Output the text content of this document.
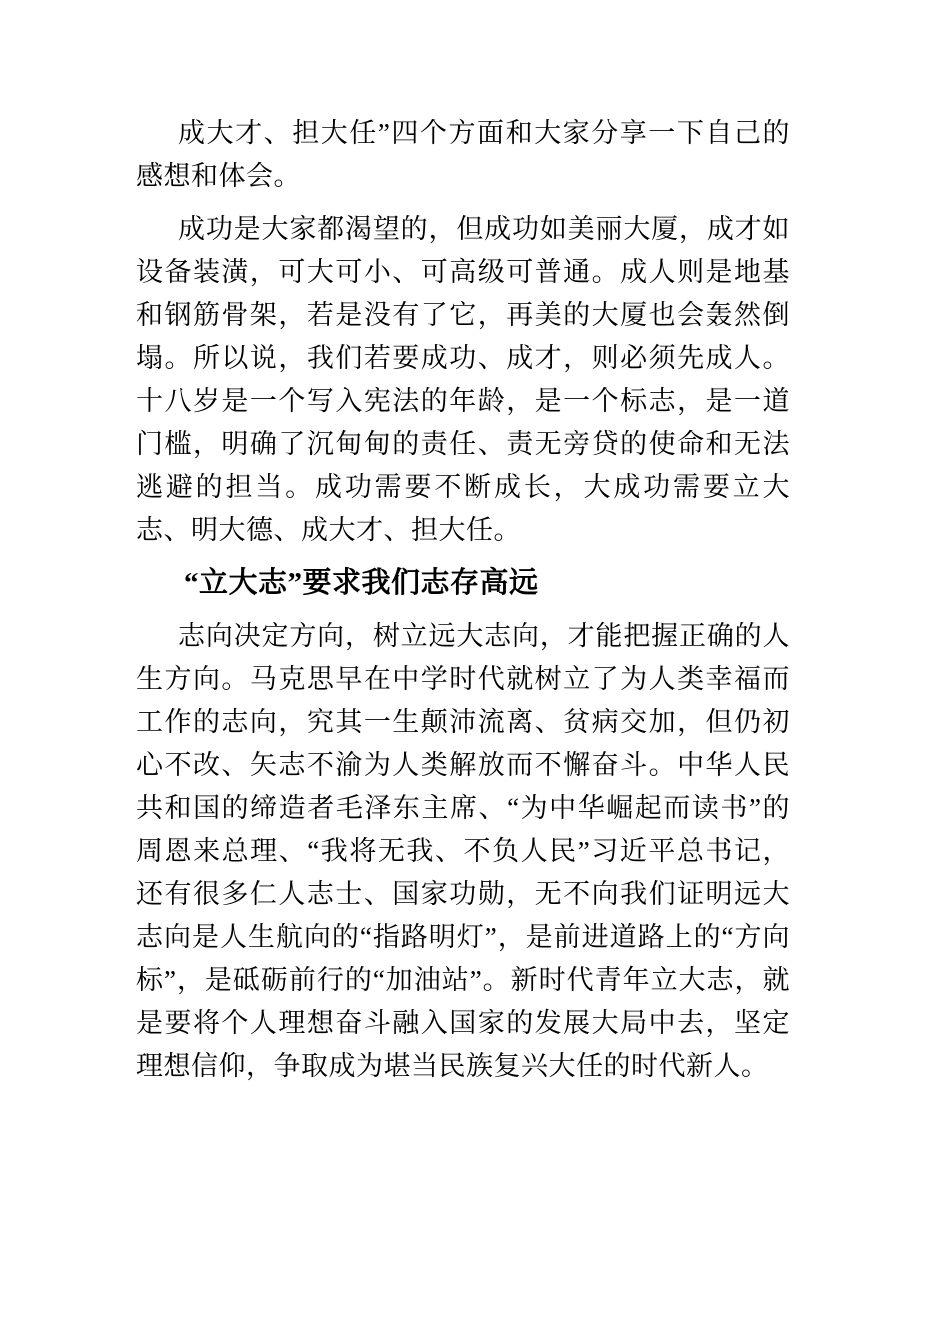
成大才、担大任”四个方面和大家分享一下自己的感想和体会。

成功是大家都渴望的，但成功如美丽大厦，成才如设备装潢，可大可小、可高级可普通。成人则是地基和钢筋骨架，若是没有了它，再美的大厦也会轰然倒塌。所以说，我们若要成功、成才，则必须先成人。十八岁是一个写入宪法的年龄，是一个标志，是一道门槛，明确了沉甸甸的责任、责无旁贷的使命和无法逃避的担当。成功需要不断成长，大成功需要立大志、明大德、成大才、担大任。

“立大志”要求我们志存高远

志向决定方向，树立远大志向，才能把握正确的人生方向。马克思早在中学时代就树立了为人类幸福而工作的志向，究其一生颠沛流离、贫病交加，但仍初心不改、矢志不渝为人类解放而不懈奋斗。中华人民共和国的缔造者毛泽东主席、“为中华崛起而读书”的周恩来总理、“我将无我、不负人民”习近平总书记，还有很多仁人志士、国家功勋，无不向我们证明远大志向是人生航向的“指路明灯”，是前进道路上的“方向标”，是砥砺前行的“加油站”。新时代青年立大志，就是要将个人理想奋斗融入国家的发展大局中去，坚定理想信仰，争取成为堪当民族复兴大任的时代新人。
